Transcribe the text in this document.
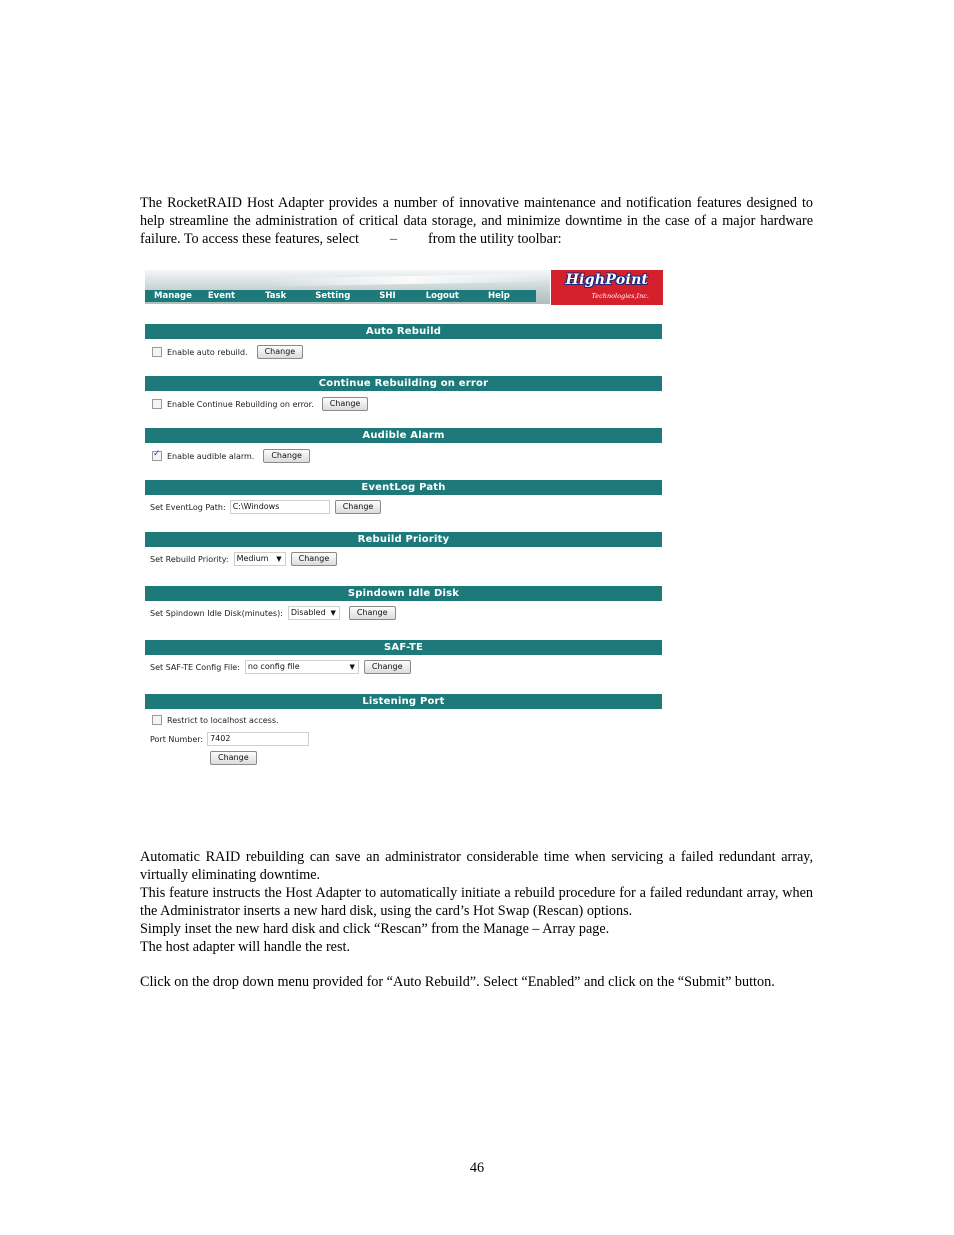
The RocketRAID Host Adapter provides a number of innovative maintenance and notification features designed to help streamline the administration of critical data storage, and minimize downtime in the case of a major hardware failure. To access these features, select – from the utility toolbar:
Manage Event	Task	Setting	SHI	Logout	Help
HighPoint
Technologies,Inc.
Auto Rebuild
Enable auto rebuild.	Change
Continue Rebuilding on error
Enable Continue Rebuilding on error.	Change
Audible Alarm
✓
Enable audible alarm.	Change
EventLog Path
Set EventLog Path: C:\Windows	Change
Rebuild Priority
Set Rebuild Priority:	Medium ▼	Change
Spindown Idle Disk
Set Spindown Idle Disk(minutes):	Disabled ▼	Change
SAF-TE
Set SAF-TE Config File:	no config file	▼	Change
Listening Port
Restrict to localhost access.
Port Number: 7402
Change
Automatic RAID rebuilding can save an administrator considerable time when servicing a failed redundant array, virtually eliminating downtime.
This feature instructs the Host Adapter to automatically initiate a rebuild procedure for a failed redundant array, when the Administrator inserts a new hard disk, using the card’s Hot Swap (Rescan) options.
Simply inset the new hard disk and click “Rescan” from the Manage – Array page.
The host adapter will handle the rest.
Click on the drop down menu provided for “Auto Rebuild”. Select “Enabled” and click on the “Submit” button.
46
